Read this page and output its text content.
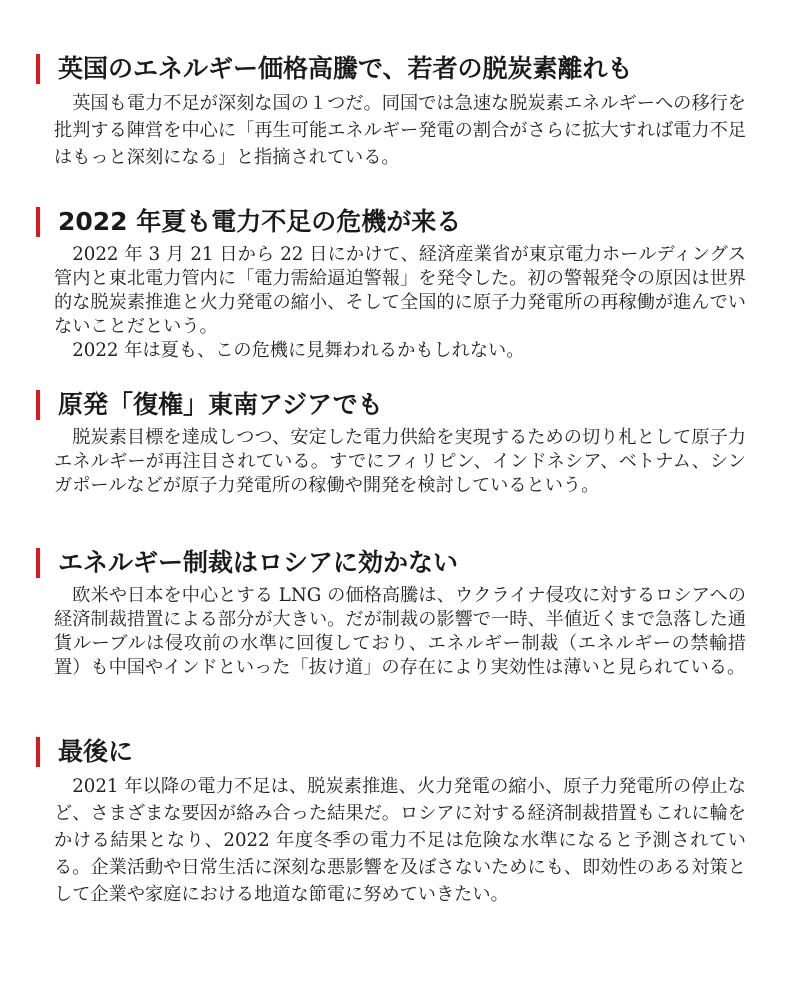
英国のエネルギー価格高騰で、若者の脱炭素離れも

英国も電力不足が深刻な国の１つだ。同国では急速な脱炭素エネルギーへの移行を批判する陣営を中心に「再生可能エネルギー発電の割合がさらに拡大すれば電力不足はもっと深刻になる」と指摘されている。

2022 年夏も電力不足の危機が来る

2022 年 3 月 21 日から 22 日にかけて、経済産業省が東京電力ホールディングス管内と東北電力管内に「電力需給逼迫警報」を発令した。初の警報発令の原因は世界的な脱炭素推進と火力発電の縮小、そして全国的に原子力発電所の再稼働が進んでいないことだという。

2022 年は夏も、この危機に見舞われるかもしれない。

原発「復権」東南アジアでも

脱炭素目標を達成しつつ、安定した電力供給を実現するための切り札として原子力エネルギーが再注目されている。すでにフィリピン、インドネシア、ベトナム、シンガポールなどが原子力発電所の稼働や開発を検討しているという。

エネルギー制裁はロシアに効かない

欧米や日本を中心とする LNG の価格高騰は、ウクライナ侵攻に対するロシアへの経済制裁措置による部分が大きい。だが制裁の影響で一時、半値近くまで急落した通貨ルーブルは侵攻前の水準に回復しており、エネルギー制裁（エネルギーの禁輸措置）も中国やインドといった「抜け道」の存在により実効性は薄いと見られている。

最後に

2021 年以降の電力不足は、脱炭素推進、火力発電の縮小、原子力発電所の停止など、さまざまな要因が絡み合った結果だ。ロシアに対する経済制裁措置もこれに輪をかける結果となり、2022 年度冬季の電力不足は危険な水準になると予測されている。企業活動や日常生活に深刻な悪影響を及ぼさないためにも、即効性のある対策として企業や家庭における地道な節電に努めていきたい。
